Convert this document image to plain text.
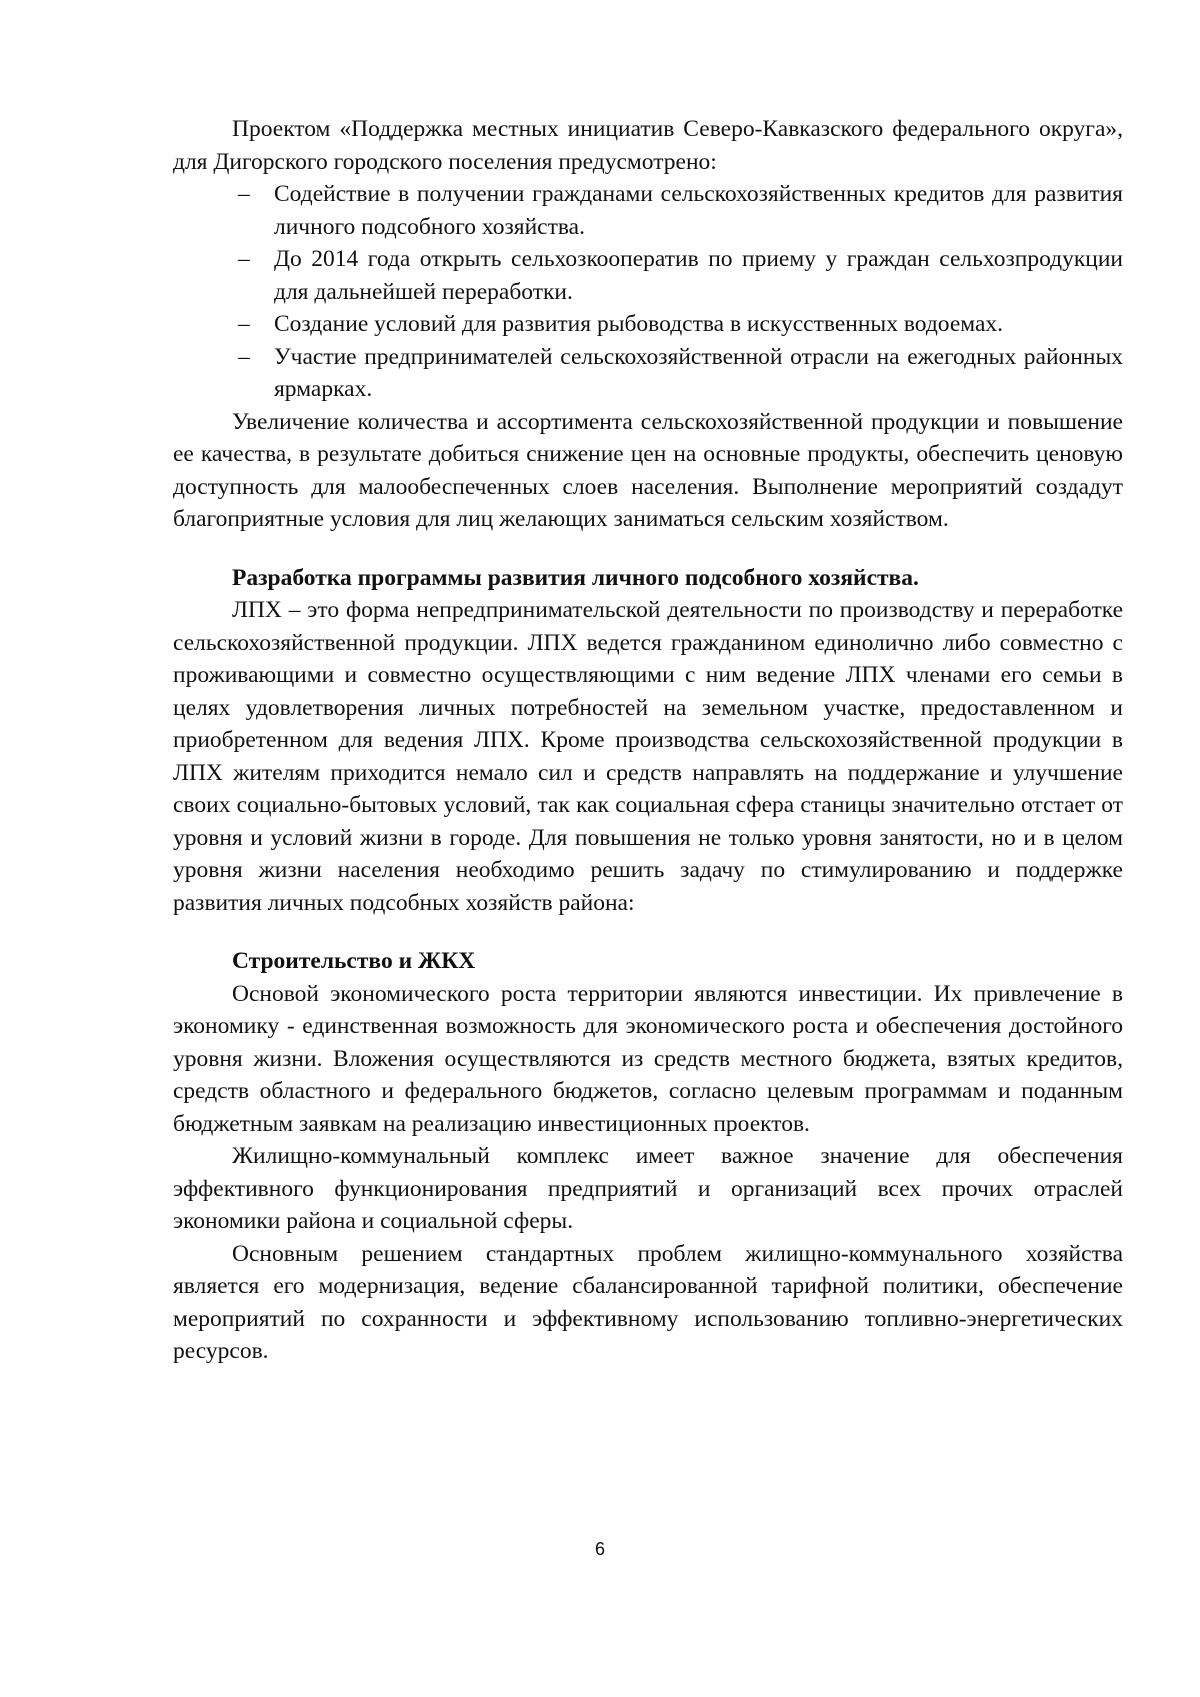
Проектом «Поддержка местных инициатив Северо-Кавказского федерального округа», для Дигорского городского поселения предусмотрено:

– Содействие в получении гражданами сельскохозяйственных кредитов для развития личного подсобного хозяйства.
– До 2014 года открыть сельхозкооператив по приему у граждан сельхозпродукции для дальнейшей переработки.
– Создание условий для развития рыбоводства в искусственных водоемах.
– Участие предпринимателей сельскохозяйственной отрасли на ежегодных районных ярмарках.

Увеличение количества и ассортимента сельскохозяйственной продукции и повышение ее качества, в результате добиться снижение цен на основные продукты, обеспечить ценовую доступность для малообеспеченных слоев населения. Выполнение мероприятий создадут благоприятные условия для лиц желающих заниматься сельским хозяйством.

Разработка программы развития личного подсобного хозяйства.

ЛПХ – это форма непредпринимательской деятельности по производству и переработке сельскохозяйственной продукции. ЛПХ ведется гражданином единолично либо совместно с проживающими и совместно осуществляющими с ним ведение ЛПХ членами его семьи в целях удовлетворения личных потребностей на земельном участке, предоставленном и приобретенном для ведения ЛПХ. Кроме производства сельскохозяйственной продукции в ЛПХ жителям приходится немало сил и средств направлять на поддержание и улучшение своих социально-бытовых условий, так как социальная сфера станицы значительно отстает от уровня и условий жизни в городе. Для повышения не только уровня занятости, но и в целом уровня жизни населения необходимо решить задачу по стимулированию и поддержке развития личных подсобных хозяйств района:

Строительство и ЖКХ

Основой экономического роста территории являются инвестиции. Их привлечение в экономику - единственная возможность для экономического роста и обеспечения достойного уровня жизни. Вложения осуществляются из средств местного бюджета, взятых кредитов, средств областного и федерального бюджетов, согласно целевым программам и поданным бюджетным заявкам на реализацию инвестиционных проектов.

Жилищно-коммунальный комплекс имеет важное значение для обеспечения эффективного функционирования предприятий и организаций всех прочих отраслей экономики района и социальной сферы.

Основным решением стандартных проблем жилищно-коммунального хозяйства является его модернизация, ведение сбалансированной тарифной политики, обеспечение мероприятий по сохранности и эффективному использованию топливно-энергетических ресурсов.

6
